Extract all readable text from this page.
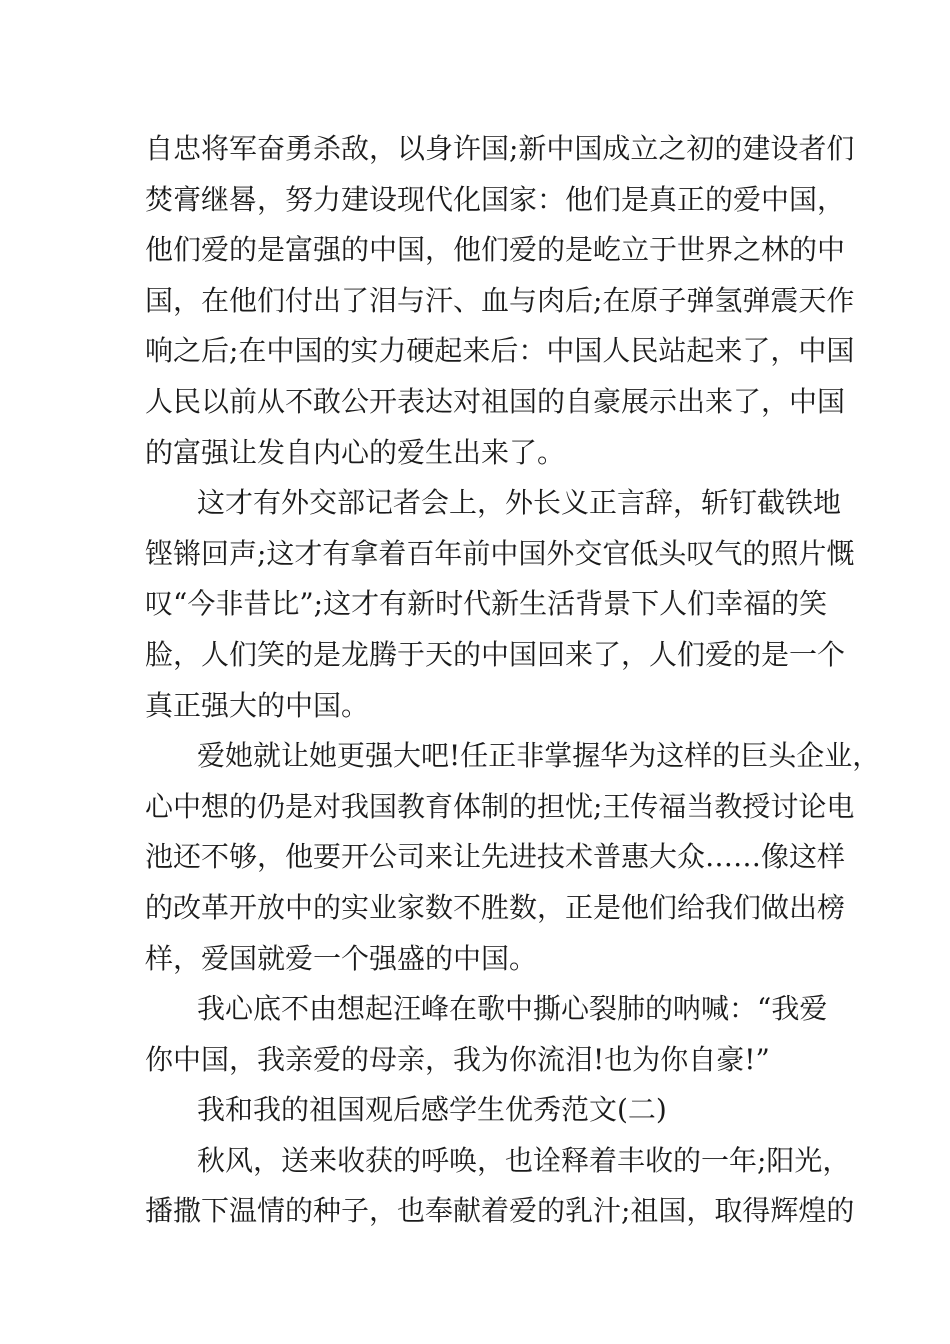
自忠将军奋勇杀敌，以身许国;新中国成立之初的建设者们
焚膏继晷，努力建设现代化国家：他们是真正的爱中国，
他们爱的是富强的中国，他们爱的是屹立于世界之林的中
国，在他们付出了泪与汗、血与肉后;在原子弹氢弹震天作
响之后;在中国的实力硬起来后：中国人民站起来了，中国
人民以前从不敢公开表达对祖国的自豪展示出来了，中国
的富强让发自内心的爱生出来了。
这才有外交部记者会上，外长义正言辞，斩钉截铁地
铿锵回声;这才有拿着百年前中国外交官低头叹气的照片慨
叹“今非昔比”;这才有新时代新生活背景下人们幸福的笑
脸，人们笑的是龙腾于天的中国回来了，人们爱的是一个
真正强大的中国。
爱她就让她更强大吧!任正非掌握华为这样的巨头企业，
心中想的仍是对我国教育体制的担忧;王传福当教授讨论电
池还不够，他要开公司来让先进技术普惠大众……像这样
的改革开放中的实业家数不胜数，正是他们给我们做出榜
样，爱国就爱一个强盛的中国。
我心底不由想起汪峰在歌中撕心裂肺的呐喊：“我爱
你中国，我亲爱的母亲，我为你流泪!也为你自豪!”
我和我的祖国观后感学生优秀范文(二)
秋风，送来收获的呼唤，也诠释着丰收的一年;阳光，
播撒下温情的种子，也奉献着爱的乳汁;祖国，取得辉煌的
